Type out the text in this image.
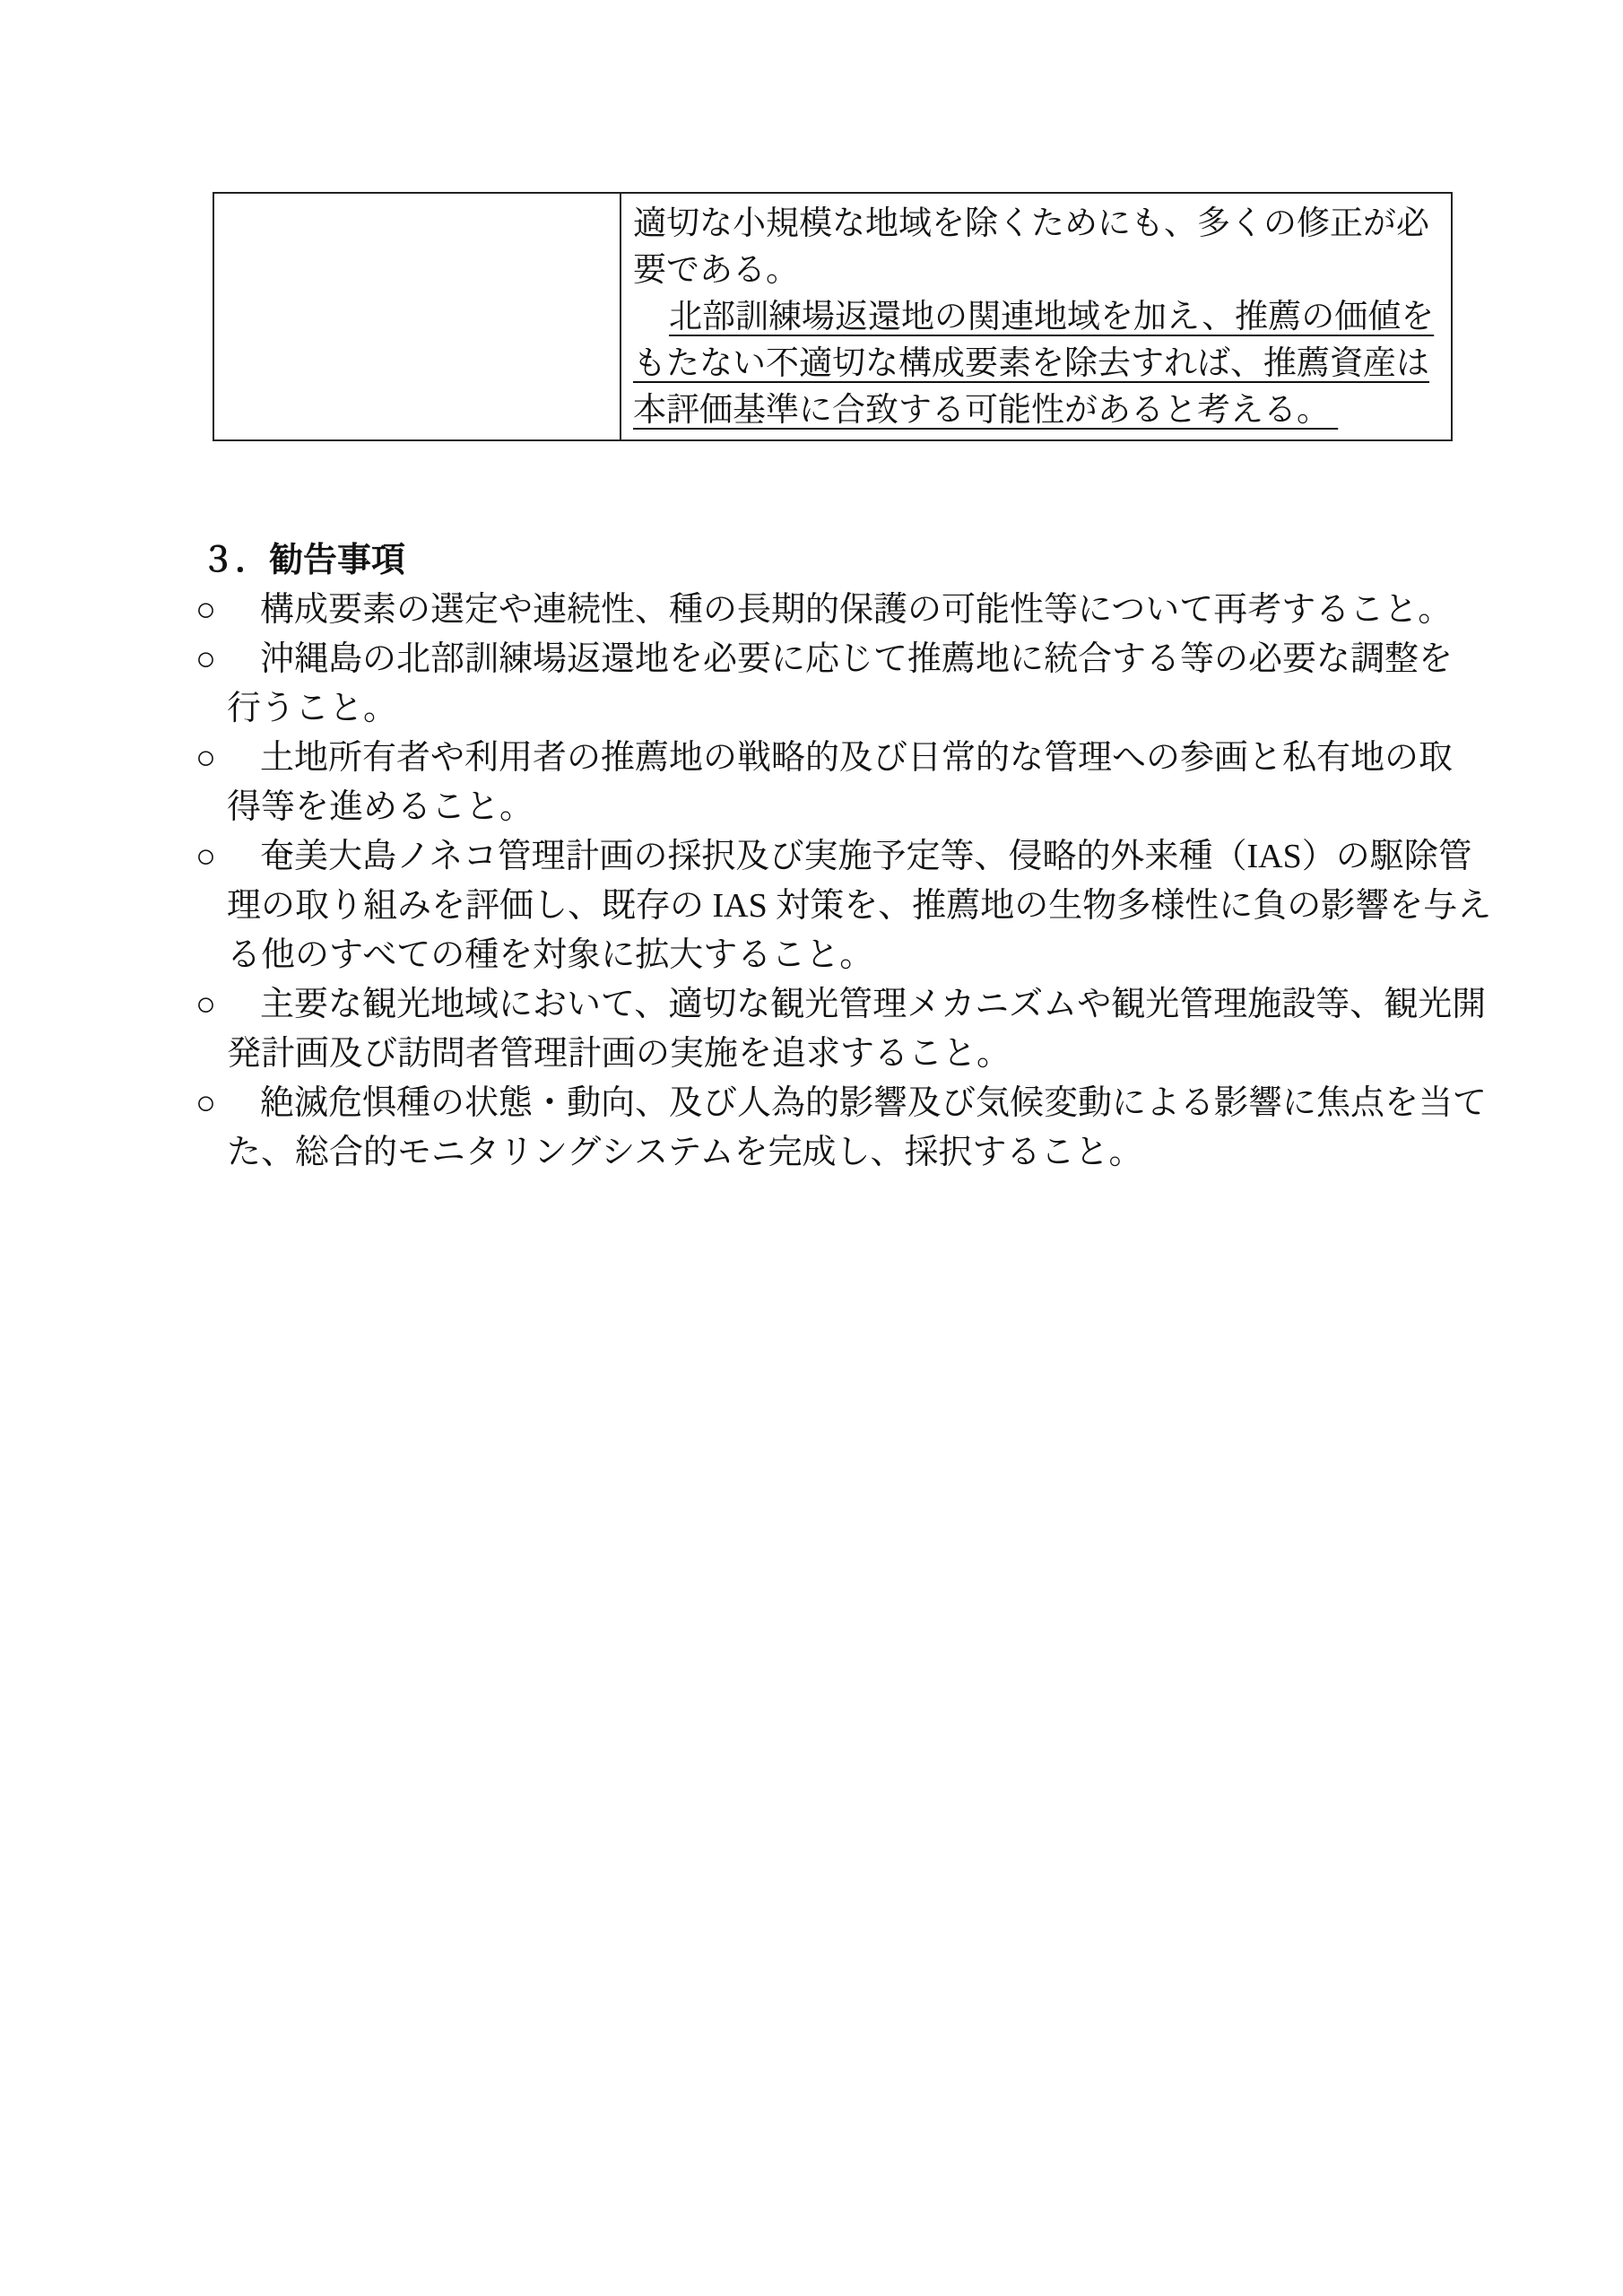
適切な小規模な地域を除くためにも、多くの修正が必
要である。
北部訓練場返還地の関連地域を加え、推薦の価値を
もたない不適切な構成要素を除去すれば、推薦資産は
本評価基準に合致する可能性があると考える。
３．勧告事項
○ 構成要素の選定や連続性、種の長期的保護の可能性等について再考すること。
○ 沖縄島の北部訓練場返還地を必要に応じて推薦地に統合する等の必要な調整を
行うこと。
○ 土地所有者や利用者の推薦地の戦略的及び日常的な管理への参画と私有地の取
得等を進めること。
○ 奄美大島ノネコ管理計画の採択及び実施予定等、侵略的外来種（IAS）の駆除管
理の取り組みを評価し、既存の IAS 対策を、推薦地の生物多様性に負の影響を与え
る他のすべての種を対象に拡大すること。
○ 主要な観光地域において、適切な観光管理メカニズムや観光管理施設等、観光開
発計画及び訪問者管理計画の実施を追求すること。
○ 絶滅危惧種の状態・動向、及び人為的影響及び気候変動による影響に焦点を当て
た、総合的モニタリングシステムを完成し、採択すること。
